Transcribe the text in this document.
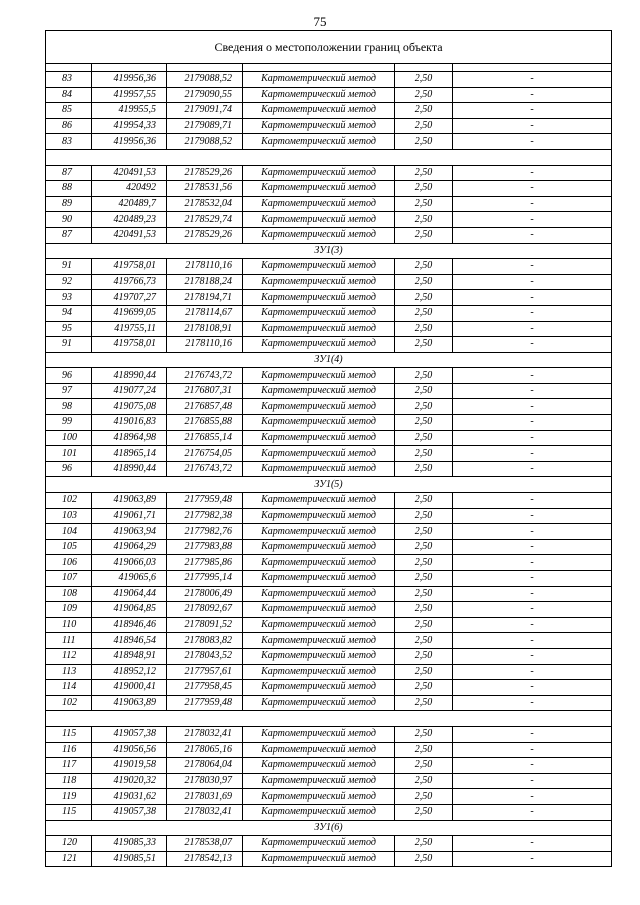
75
Сведения о местоположении границ объекта					

83	419956,36	2179088,52	Картометрический метод	2,50	-
84	419957,55	2179090,55	Картометрический метод	2,50	-
85	419955,5	2179091,74	Картометрический метод	2,50	-
86	419954,33	2179089,71	Картометрический метод	2,50	-
83	419956,36	2179088,52	Картометрический метод	2,50	-

87	420491,53	2178529,26	Картометрический метод	2,50	-
88	420492	2178531,56	Картометрический метод	2,50	-
89	420489,7	2178532,04	Картометрический метод	2,50	-
90	420489,23	2178529,74	Картометрический метод	2,50	-
87	420491,53	2178529,26	Картометрический метод	2,50	-
ЗУ1(3)					
91	419758,01	2178110,16	Картометрический метод	2,50	-
92	419766,73	2178188,24	Картометрический метод	2,50	-
93	419707,27	2178194,71	Картометрический метод	2,50	-
94	419699,05	2178114,67	Картометрический метод	2,50	-
95	419755,11	2178108,91	Картометрический метод	2,50	-
91	419758,01	2178110,16	Картометрический метод	2,50	-
ЗУ1(4)					
96	418990,44	2176743,72	Картометрический метод	2,50	-
97	419077,24	2176807,31	Картометрический метод	2,50	-
98	419075,08	2176857,48	Картометрический метод	2,50	-
99	419016,83	2176855,88	Картометрический метод	2,50	-
100	418964,98	2176855,14	Картометрический метод	2,50	-
101	418965,14	2176754,05	Картометрический метод	2,50	-
96	418990,44	2176743,72	Картометрический метод	2,50	-
ЗУ1(5)					
102	419063,89	2177959,48	Картометрический метод	2,50	-
103	419061,71	2177982,38	Картометрический метод	2,50	-
104	419063,94	2177982,76	Картометрический метод	2,50	-
105	419064,29	2177983,88	Картометрический метод	2,50	-
106	419066,03	2177985,86	Картометрический метод	2,50	-
107	419065,6	2177995,14	Картометрический метод	2,50	-
108	419064,44	2178006,49	Картометрический метод	2,50	-
109	419064,85	2178092,67	Картометрический метод	2,50	-
110	418946,46	2178091,52	Картометрический метод	2,50	-
111	418946,54	2178083,82	Картометрический метод	2,50	-
112	418948,91	2178043,52	Картометрический метод	2,50	-
113	418952,12	2177957,61	Картометрический метод	2,50	-
114	419000,41	2177958,45	Картометрический метод	2,50	-
102	419063,89	2177959,48	Картометрический метод	2,50	-

115	419057,38	2178032,41	Картометрический метод	2,50	-
116	419056,56	2178065,16	Картометрический метод	2,50	-
117	419019,58	2178064,04	Картометрический метод	2,50	-
118	419020,32	2178030,97	Картометрический метод	2,50	-
119	419031,62	2178031,69	Картометрический метод	2,50	-
115	419057,38	2178032,41	Картометрический метод	2,50	-
ЗУ1(6)					
120	419085,33	2178538,07	Картометрический метод	2,50	-
121	419085,51	2178542,13	Картометрический метод	2,50	-
